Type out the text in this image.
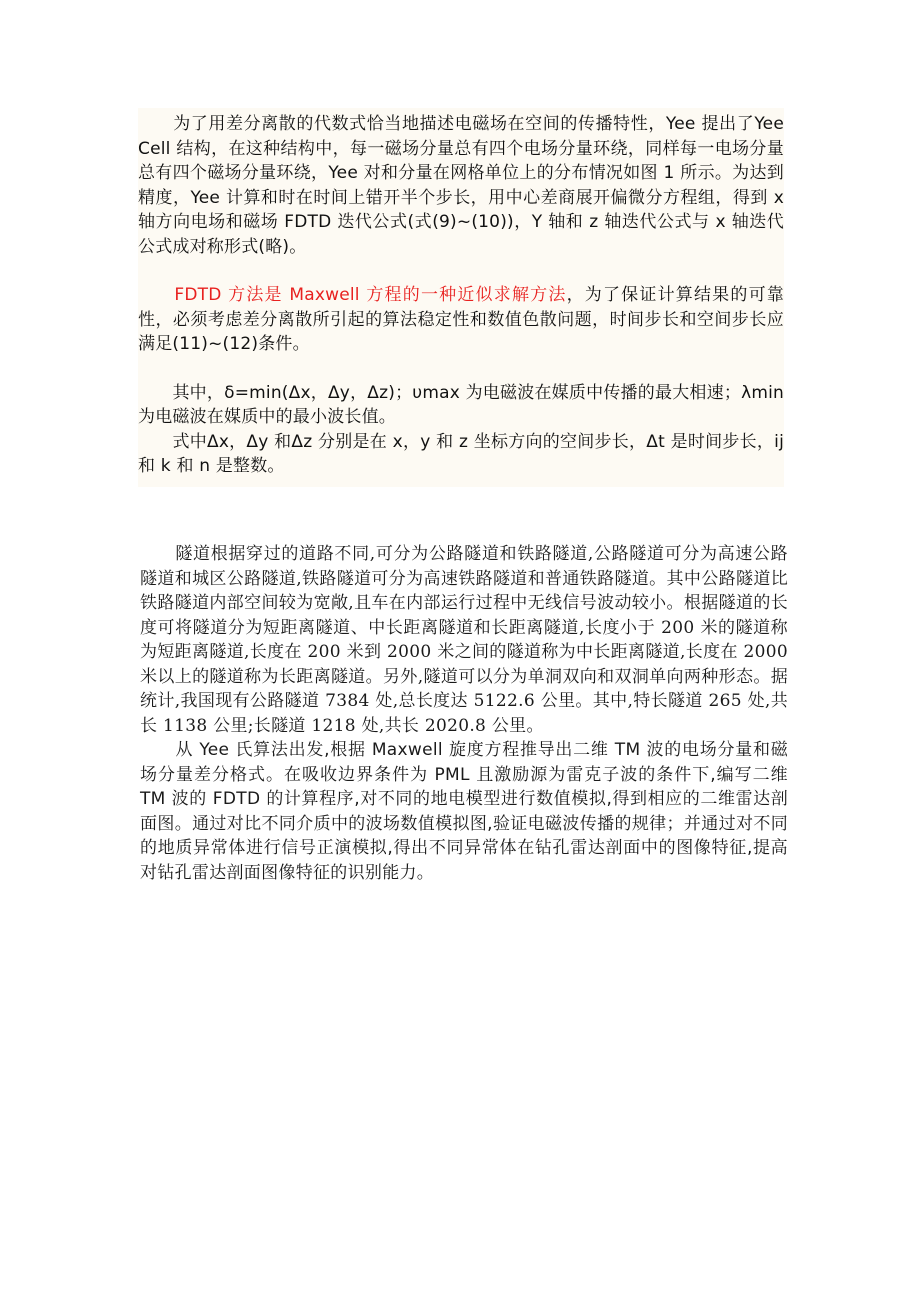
　　为了用差分离散的代数式恰当地描述电磁场在空间的传播特性，Yee 提出了Yee Cell 结构，在这种结构中，每一磁场分量总有四个电场分量环绕，同样每一电场分量总有四个磁场分量环绕，Yee 对和分量在网格单位上的分布情况如图 1 所示。为达到精度，Yee 计算和时在时间上错开半个步长，用中心差商展开偏微分方程组，得到 x 轴方向电场和磁场 FDTD 迭代公式(式(9)~(10))，Y 轴和 z 轴迭代公式与 x 轴迭代公式成对称形式(略)。

　　FDTD 方法是 Maxwell 方程的一种近似求解方法，为了保证计算结果的可靠性，必须考虑差分离散所引起的算法稳定性和数值色散问题，时间步长和空间步长应满足(11)~(12)条件。

　　其中，δ=min(Δx，Δy，Δz)；υmax 为电磁波在媒质中传播的最大相速；λmin 为电磁波在媒质中的最小波长值。

　　式中Δx，Δy 和Δz 分别是在 x，y 和 z 坐标方向的空间步长，Δt 是时间步长，ij 和 k 和 n 是整数。

　　隧道根据穿过的道路不同,可分为公路隧道和铁路隧道,公路隧道可分为高速公路隧道和城区公路隧道,铁路隧道可分为高速铁路隧道和普通铁路隧道。其中公路隧道比铁路隧道内部空间较为宽敞,且车在内部运行过程中无线信号波动较小。根据隧道的长度可将隧道分为短距离隧道、中长距离隧道和长距离隧道,长度小于 200 米的隧道称为短距离隧道,长度在 200 米到 2000 米之间的隧道称为中长距离隧道,长度在 2000 米以上的隧道称为长距离隧道。另外,隧道可以分为单洞双向和双洞单向两种形态。据统计,我国现有公路隧道 7384 处,总长度达 5122.6 公里。其中,特长隧道 265 处,共长 1138 公里;长隧道 1218 处,共长 2020.8 公里。

　　从 Yee 氏算法出发,根据 Maxwell 旋度方程推导出二维 TM 波的电场分量和磁场分量差分格式。在吸收边界条件为 PML 且激励源为雷克子波的条件下,编写二维 TM 波的 FDTD 的计算程序,对不同的地电模型进行数值模拟,得到相应的二维雷达剖面图。通过对比不同介质中的波场数值模拟图,验证电磁波传播的规律；并通过对不同的地质异常体进行信号正演模拟,得出不同异常体在钻孔雷达剖面中的图像特征,提高对钻孔雷达剖面图像特征的识别能力。
